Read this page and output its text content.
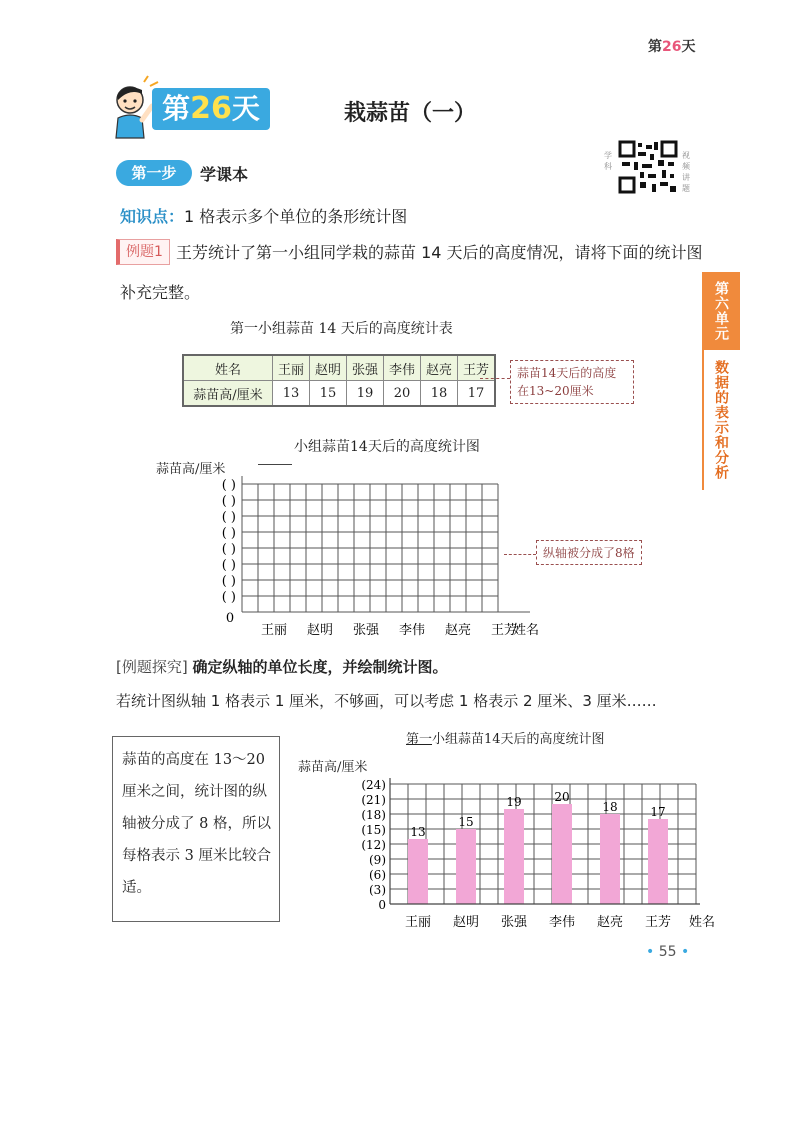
第26天
第26天	栽蒜苗（一）
第一步	学课本
学科
视频讲题
知识点：1 格表示多个单位的条形统计图
例题1 王芳统计了第一小组同学栽的蒜苗 14 天后的高度情况，请将下面的统计图
补充完整。
第一小组蒜苗 14 天后的高度统计表
姓名	王丽	赵明	张强	李伟	赵亮	王芳
蒜苗高/厘米	13	15	19	20	18	17
蒜苗14天后的高度在13~20厘米
小组蒜苗14天后的高度统计图
蒜苗高/厘米
( )
( )
( )
( )
( )
( )
( )
( )
0
王丽 赵明 张强 李伟 赵亮 王芳
姓名
纵轴被分成了8格
[例题探究] 确定纵轴的单位长度，并绘制统计图。
若统计图纵轴 1 格表示 1 厘米，不够画，可以考虑 1 格表示 2 厘米、3 厘米……
蒜苗的高度在 13～20 厘米之间，统计图的纵轴被分成了 8 格，所以每格表示 3 厘米比较合适。
第一小组蒜苗14天后的高度统计图
蒜苗高/厘米
13
王丽
15
赵明
19
张强
20
李伟
18
赵亮
17
王芳
0
(3)
(6)
(9)
(12)
(15)
(18)
(21)
(24)
姓名
• 55 •
第六单元
数据的表示和分析
